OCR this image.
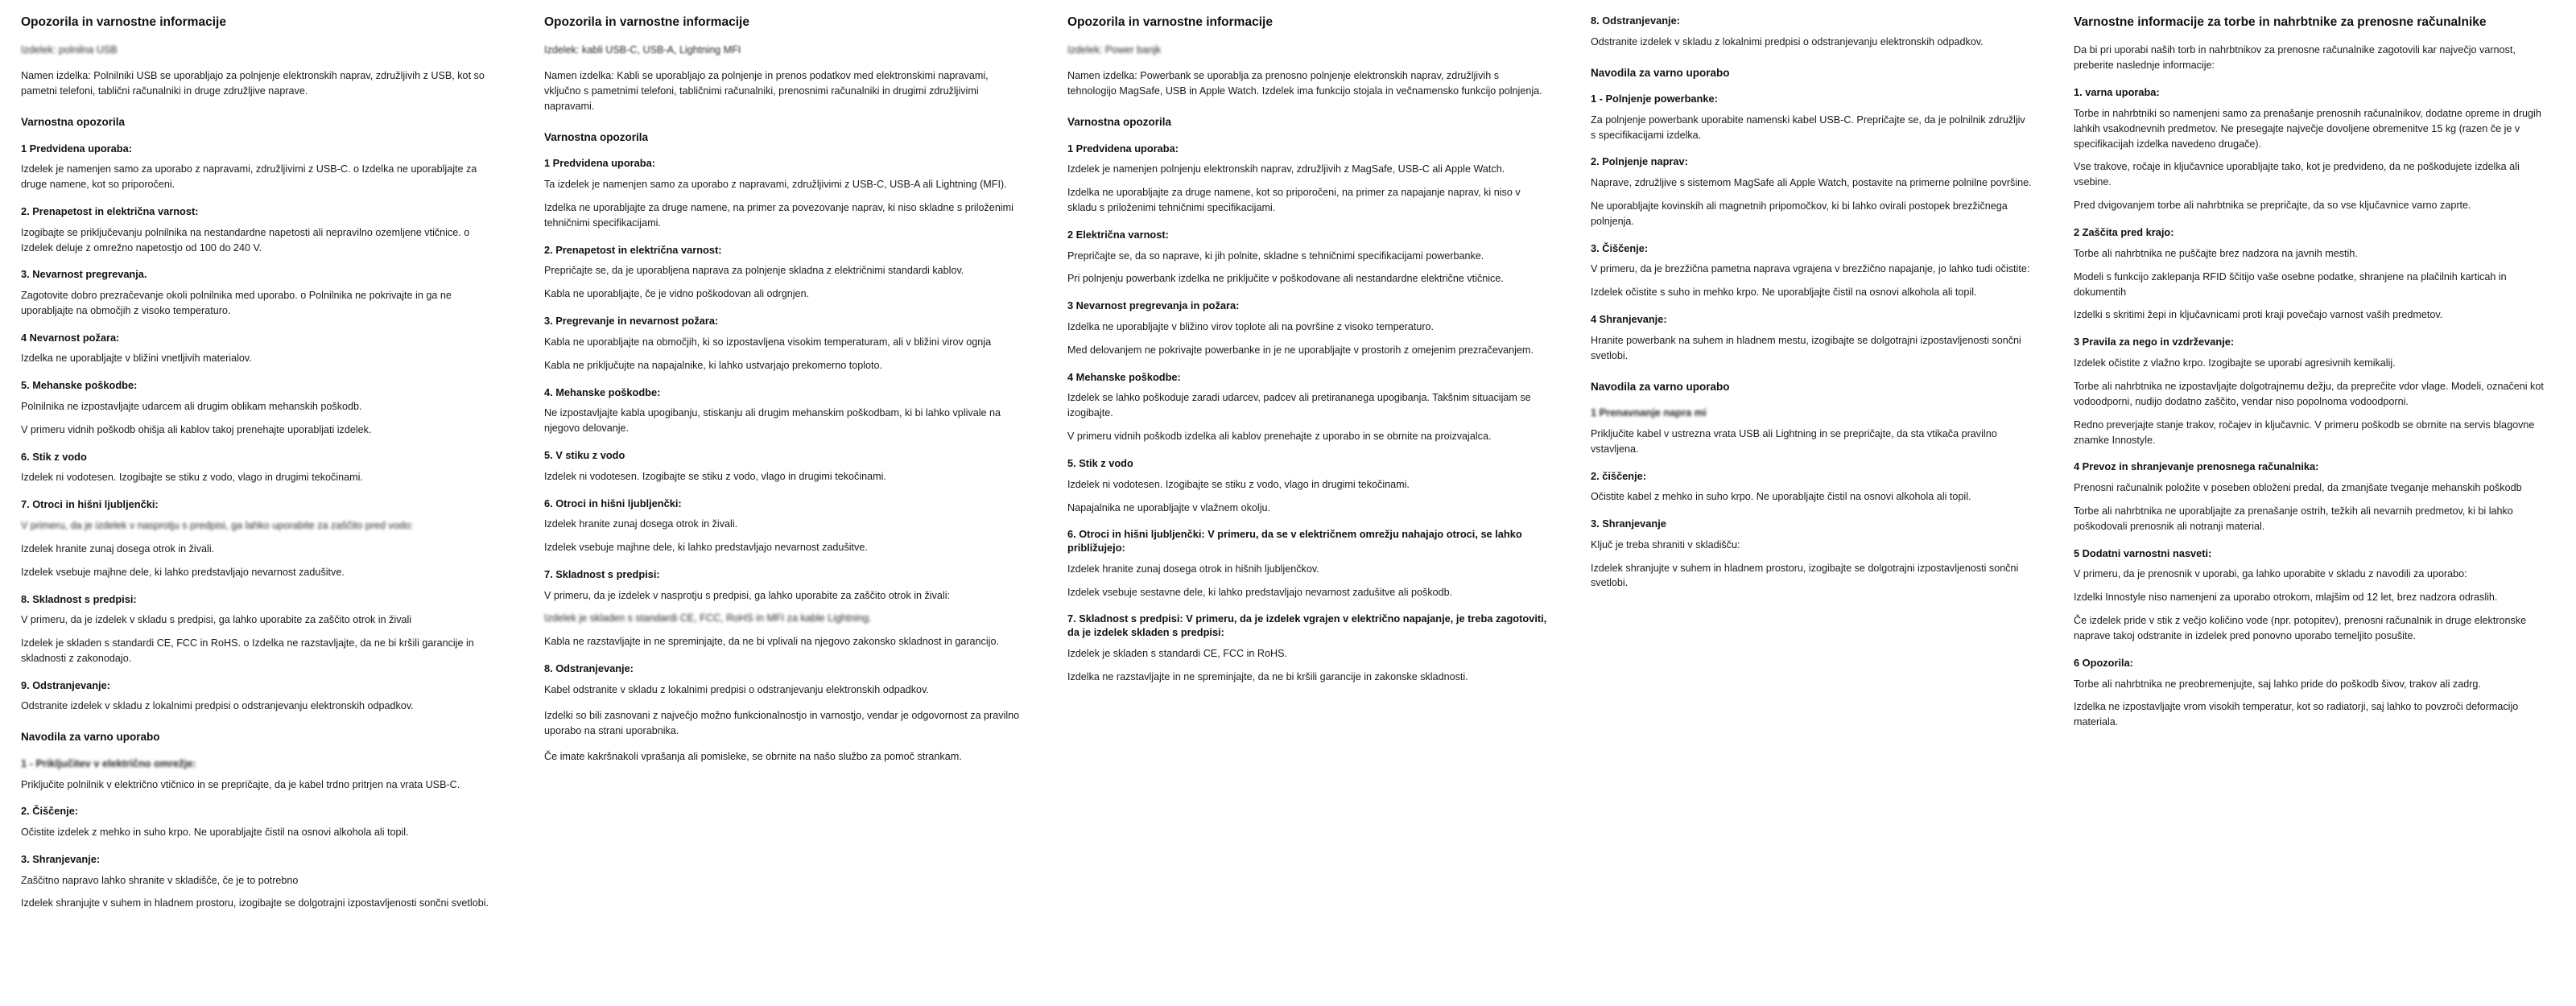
Opozorila in varnostne informacije

Izdelek: polnilna USB

Namen izdelka: Polnilniki USB se uporabljajo za polnjenje elektronskih naprav, združljivih z USB, kot so pametni telefoni, tablični računalniki in druge združljive naprave.

Varnostna opozorila
1 Predvidena uporaba:

Izdelek je namenjen samo za uporabo z napravami, združljivimi z USB-C. o Izdelka ne uporabljajte za druge namene, kot so priporočeni.

2. Prenapetost in električna varnost:

Izogibajte se priključevanju polnilnika na nestandardne napetosti ali nepravilno ozemljene vtičnice. o Izdelek deluje z omrežno napetostjo od 100 do 240 V.

3. Nevarnost pregrevanja.

Zagotovite dobro prezračevanje okoli polnilnika med uporabo. o Polnilnika ne pokrivajte in ga ne uporabljajte na območjih z visoko temperaturo.

4 Nevarnost požara:

Izdelka ne uporabljajte v bližini vnetljivih materialov.

5. Mehanske poškodbe:

Polnilnika ne izpostavljajte udarcem ali drugim oblikam mehanskih poškodb.

V primeru vidnih poškodb ohišja ali kablov takoj prenehajte uporabljati izdelek.

6. Stik z vodo

Izdelek ni vodotesen. Izogibajte se stiku z vodo, vlago in drugimi tekočinami.

7. Otroci in hišni ljubljenčki:

V primeru, da je izdelek v nasprotju s predpisi, ga lahko uporabite za zaščito pred vodo:

Izdelek hranite zunaj dosega otrok in živali.

Izdelek vsebuje majhne dele, ki lahko predstavljajo nevarnost zadušitve.

8. Skladnost s predpisi:

V primeru, da je izdelek v skladu s predpisi, ga lahko uporabite za zaščito otrok in živali

Izdelek je skladen s standardi CE, FCC in RoHS. o Izdelka ne razstavljajte, da ne bi kršili garancije in skladnosti z zakonodajo.

9. Odstranjevanje:

Odstranite izdelek v skladu z lokalnimi predpisi o odstranjevanju elektronskih odpadkov.

Navodila za varno uporabo
1 - Priključitev v električno omrežje:

Priključite polnilnik v električno vtičnico in se prepričajte, da je kabel trdno pritrjen na vrata USB-C.

2. Čiščenje:

Očistite izdelek z mehko in suho krpo. Ne uporabljajte čistil na osnovi alkohola ali topil.

3. Shranjevanje:

Zaščitno napravo lahko shranite v skladišče, če je to potrebno

Izdelek shranjujte v suhem in hladnem prostoru, izogibajte se dolgotrajni izpostavljenosti sončni svetlobi.

Opozorila in varnostne informacije

Izdelek: kabli USB-C, USB-A, Lightning MFI

Namen izdelka: Kabli se uporabljajo za polnjenje in prenos podatkov med elektronskimi napravami, vključno s pametnimi telefoni, tabličnimi računalniki, prenosnimi računalniki in drugimi združljivimi napravami.

Varnostna opozorila
1 Predvidena uporaba:

Ta izdelek je namenjen samo za uporabo z napravami, združljivimi z USB-C, USB-A ali Lightning (MFI).

Izdelka ne uporabljajte za druge namene, na primer za povezovanje naprav, ki niso skladne s priloženimi tehničnimi specifikacijami.

2. Prenapetost in električna varnost:

Prepričajte se, da je uporabljena naprava za polnjenje skladna z električnimi standardi kablov.

Kabla ne uporabljajte, če je vidno poškodovan ali odrgnjen.

3. Pregrevanje in nevarnost požara:

Kabla ne uporabljajte na območjih, ki so izpostavljena visokim temperaturam, ali v bližini virov ognja

Kabla ne priključujte na napajalnike, ki lahko ustvarjajo prekomerno toploto.

4. Mehanske poškodbe:

Ne izpostavljajte kabla upogibanju, stiskanju ali drugim mehanskim poškodbam, ki bi lahko vplivale na njegovo delovanje.

5. V stiku z vodo

Izdelek ni vodotesen. Izogibajte se stiku z vodo, vlago in drugimi tekočinami.

6. Otroci in hišni ljubljenčki:

Izdelek hranite zunaj dosega otrok in živali.

Izdelek vsebuje majhne dele, ki lahko predstavljajo nevarnost zadušitve.

7. Skladnost s predpisi:

V primeru, da je izdelek v nasprotju s predpisi, ga lahko uporabite za zaščito otrok in živali:

Izdelek je skladen s standardi CE, FCC, RoHS in MFI za kable Lightning.

Kabla ne razstavljajte in ne spreminjajte, da ne bi vplivali na njegovo zakonsko skladnost in garancijo.

8. Odstranjevanje:

Kabel odstranite v skladu z lokalnimi predpisi o odstranjevanju elektronskih odpadkov.

Izdelki so bili zasnovani z največjo možno funkcionalnostjo in varnostjo, vendar je odgovornost za pravilno uporabo na strani uporabnika.

Če imate kakršnakoli vprašanja ali pomisleke, se obrnite na našo službo za pomoč strankam.

Opozorila in varnostne informacije

Izdelek: Power banjk

Namen izdelka: Powerbank se uporablja za prenosno polnjenje elektronskih naprav, združljivih s tehnologijo MagSafe, USB in Apple Watch. Izdelek ima funkcijo stojala in večnamensko funkcijo polnjenja.

Varnostna opozorila
1 Predvidena uporaba:

Izdelek je namenjen polnjenju elektronskih naprav, združljivih z MagSafe, USB-C ali Apple Watch.

Izdelka ne uporabljajte za druge namene, kot so priporočeni, na primer za napajanje naprav, ki niso v skladu s priloženimi tehničnimi specifikacijami.

2 Električna varnost:

Prepričajte se, da so naprave, ki jih polnite, skladne s tehničnimi specifikacijami powerbanke.

Pri polnjenju powerbank izdelka ne priključite v poškodovane ali nestandardne električne vtičnice.

3 Nevarnost pregrevanja in požara:

Izdelka ne uporabljajte v bližino virov toplote ali na površine z visoko temperaturo.

Med delovanjem ne pokrivajte powerbanke in je ne uporabljajte v prostorih z omejenim prezračevanjem.

4 Mehanske poškodbe:

Izdelek se lahko poškoduje zaradi udarcev, padcev ali pretirananega upogibanja. Takšnim situacijam se izogibajte.

V primeru vidnih poškodb izdelka ali kablov prenehajte z uporabo in se obrnite na proizvajalca.

5. Stik z vodo

Izdelek ni vodotesen. Izogibajte se stiku z vodo, vlago in drugimi tekočinami.

Napajalnika ne uporabljajte v vlažnem okolju.

6. Otroci in hišni ljubljenčki: V primeru, da se v električnem omrežju nahajajo otroci, se lahko približujejo:

Izdelek hranite zunaj dosega otrok in hišnih ljubljenčkov.

Izdelek vsebuje sestavne dele, ki lahko predstavljajo nevarnost zadušitve ali poškodb.

7. Skladnost s predpisi: V primeru, da je izdelek vgrajen v električno napajanje, je treba zagotoviti, da je izdelek skladen s predpisi:

Izdelek je skladen s standardi CE, FCC in RoHS.

Izdelka ne razstavljajte in ne spreminjajte, da ne bi kršili garancije in zakonske skladnosti.

8. Odstranjevanje:

Odstranite izdelek v skladu z lokalnimi predpisi o odstranjevanju elektronskih odpadkov.

Navodila za varno uporabo
1 - Polnjenje powerbanke:

Za polnjenje powerbank uporabite namenski kabel USB-C. Prepričajte se, da je polnilnik združljiv s specifikacijami izdelka.

2. Polnjenje naprav:

Naprave, združljive s sistemom MagSafe ali Apple Watch, postavite na primerne polnilne površine.

Ne uporabljajte kovinskih ali magnetnih pripomočkov, ki bi lahko ovirali postopek brezžičnega polnjenja.

3. Čiščenje:

V primeru, da je brezžična pametna naprava vgrajena v brezžično napajanje, jo lahko tudi očistite:

Izdelek očistite s suho in mehko krpo. Ne uporabljajte čistil na osnovi alkohola ali topil.

4 Shranjevanje:

Hranite powerbank na suhem in hladnem mestu, izogibajte se dolgotrajni izpostavljenosti sončni svetlobi.

Navodila za varno uporabo
1 Prenavnanje napra mi

Priključite kabel v ustrezna vrata USB ali Lightning in se prepričajte, da sta vtikača pravilno vstavljena.

2. čiščenje:

Očistite kabel z mehko in suho krpo. Ne uporabljajte čistil na osnovi alkohola ali topil.

3. Shranjevanje

Ključ je treba shraniti v skladišču:

Izdelek shranjujte v suhem in hladnem prostoru, izogibajte se dolgotrajni izpostavljenosti sončni svetlobi.

Varnostne informacije za torbe in nahrbtnike za prenosne računalnike

Da bi pri uporabi naših torb in nahrbtnikov za prenosne računalnike zagotovili kar največjo varnost, preberite naslednje informacije:

1. varna uporaba:

Torbe in nahrbtniki so namenjeni samo za prenašanje prenosnih računalnikov, dodatne opreme in drugih lahkih vsakodnevnih predmetov. Ne presegajte največje dovoljene obremenitve 15 kg (razen če je v specifikacijah izdelka navedeno drugače).

Vse trakove, ročaje in ključavnice uporabljajte tako, kot je predvideno, da ne poškodujete izdelka ali vsebine.

Pred dvigovanjem torbe ali nahrbtnika se prepričajte, da so vse ključavnice varno zaprte.

2 Zaščita pred krajo:

Torbe ali nahrbtnika ne puščajte brez nadzora na javnih mestih.

Modeli s funkcijo zaklepanja RFID ščitijo vaše osebne podatke, shranjene na plačilnih karticah in dokumentih

Izdelki s skritimi žepi in ključavnicami proti kraji povečajo varnost vaših predmetov.

3 Pravila za nego in vzdrževanje:

Izdelek očistite z vlažno krpo. Izogibajte se uporabi agresivnih kemikalij.

Torbe ali nahrbtnika ne izpostavljajte dolgotrajnemu dežju, da preprečite vdor vlage. Modeli, označeni kot vodoodporni, nudijo dodatno zaščito, vendar niso popolnoma vodoodporni.

Redno preverjajte stanje trakov, ročajev in ključavnic. V primeru poškodb se obrnite na servis blagovne znamke Innostyle.

4 Prevoz in shranjevanje prenosnega računalnika:

Prenosni računalnik položite v poseben obloženi predal, da zmanjšate tveganje mehanskih poškodb

Torbe ali nahrbtnika ne uporabljajte za prenašanje ostrih, težkih ali nevarnih predmetov, ki bi lahko poškodovali prenosnik ali notranji material.

5 Dodatni varnostni nasveti:

V primeru, da je prenosnik v uporabi, ga lahko uporabite v skladu z navodili za uporabo:

Izdelki Innostyle niso namenjeni za uporabo otrokom, mlajšim od 12 let, brez nadzora odraslih.

Če izdelek pride v stik z večjo količino vode (npr. potopitev), prenosni računalnik in druge elektronske naprave takoj odstranite in izdelek pred ponovno uporabo temeljito posušite.

6 Opozorila:

Torbe ali nahrbtnika ne preobremenjujte, saj lahko pride do poškodb šivov, trakov ali zadrg.

Izdelka ne izpostavljajte vrom visokih temperatur, kot so radiatorji, saj lahko to povzroči deformacijo materiala.
